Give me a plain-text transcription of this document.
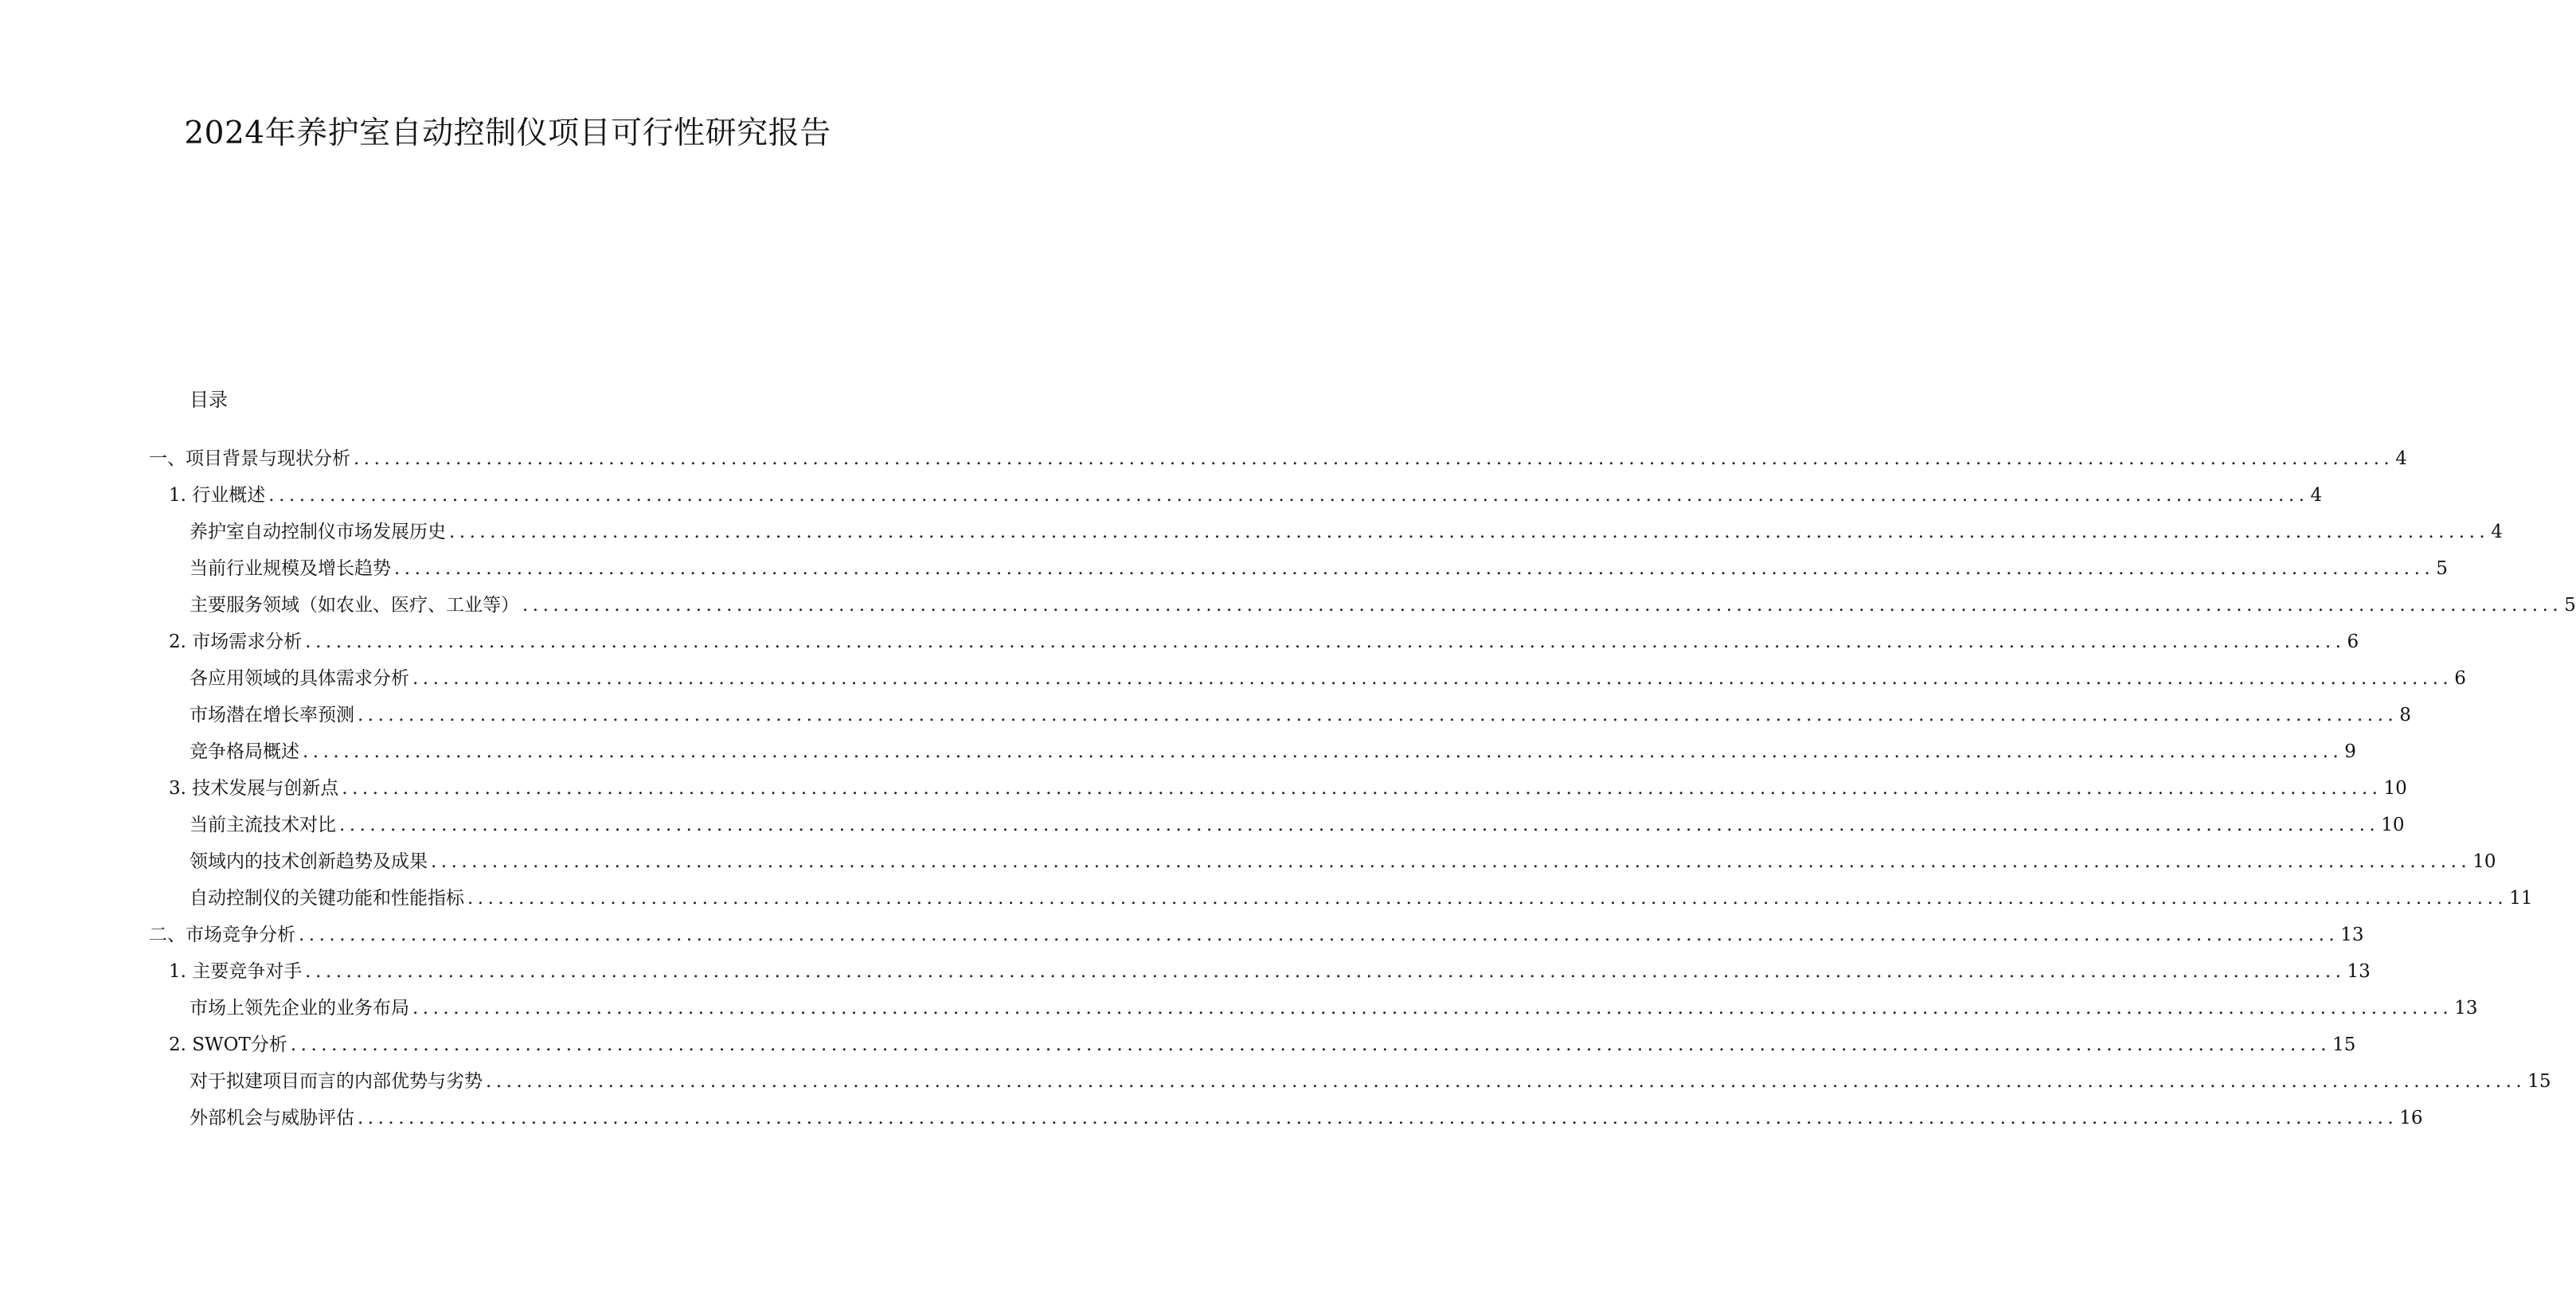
2024年养护室自动控制仪项目可行性研究报告
目录
一、项目背景与现状分析 ........................................................................................................................................................................................................ 4
1. 行业概述 ........................................................................................................................................................................................................ 4
养护室自动控制仪市场发展历史 ........................................................................................................................................................................................................ 4
当前行业规模及增长趋势 ........................................................................................................................................................................................................ 5
主要服务领域（如农业、医疗、工业等） ........................................................................................................................................................................................................ 5
2. 市场需求分析 ........................................................................................................................................................................................................ 6
各应用领域的具体需求分析 ........................................................................................................................................................................................................ 6
市场潜在增长率预测 ........................................................................................................................................................................................................ 8
竞争格局概述 ........................................................................................................................................................................................................ 9
3. 技术发展与创新点 ........................................................................................................................................................................................................ 10
当前主流技术对比 ........................................................................................................................................................................................................ 10
领域内的技术创新趋势及成果 ........................................................................................................................................................................................................ 10
自动控制仪的关键功能和性能指标 ........................................................................................................................................................................................................ 11
二、市场竞争分析 ........................................................................................................................................................................................................ 13
1. 主要竞争对手 ........................................................................................................................................................................................................ 13
市场上领先企业的业务布局 ........................................................................................................................................................................................................ 13
2. SWOT分析 ........................................................................................................................................................................................................ 15
对于拟建项目而言的内部优势与劣势 ........................................................................................................................................................................................................ 15
外部机会与威胁评估 ........................................................................................................................................................................................................ 16
